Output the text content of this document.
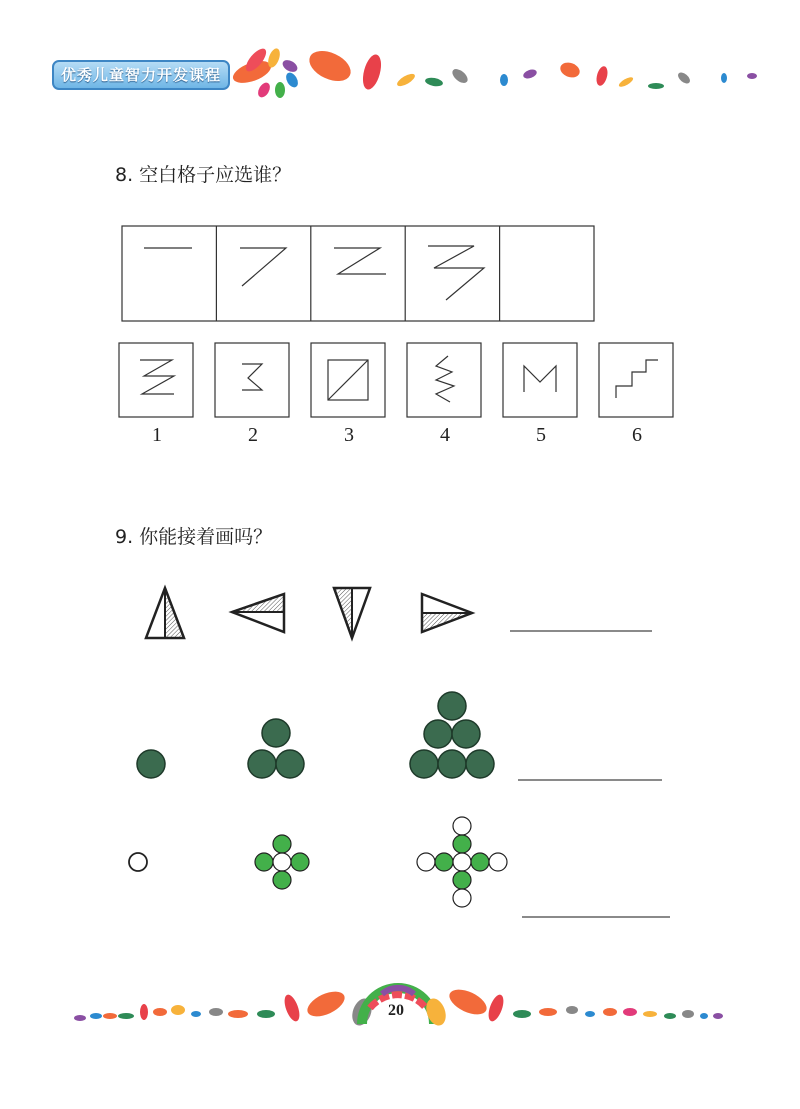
优秀儿童智力开发课程
8. 空白格子应选谁？
1	2	3	4	5	6
9. 你能接着画吗？
20
